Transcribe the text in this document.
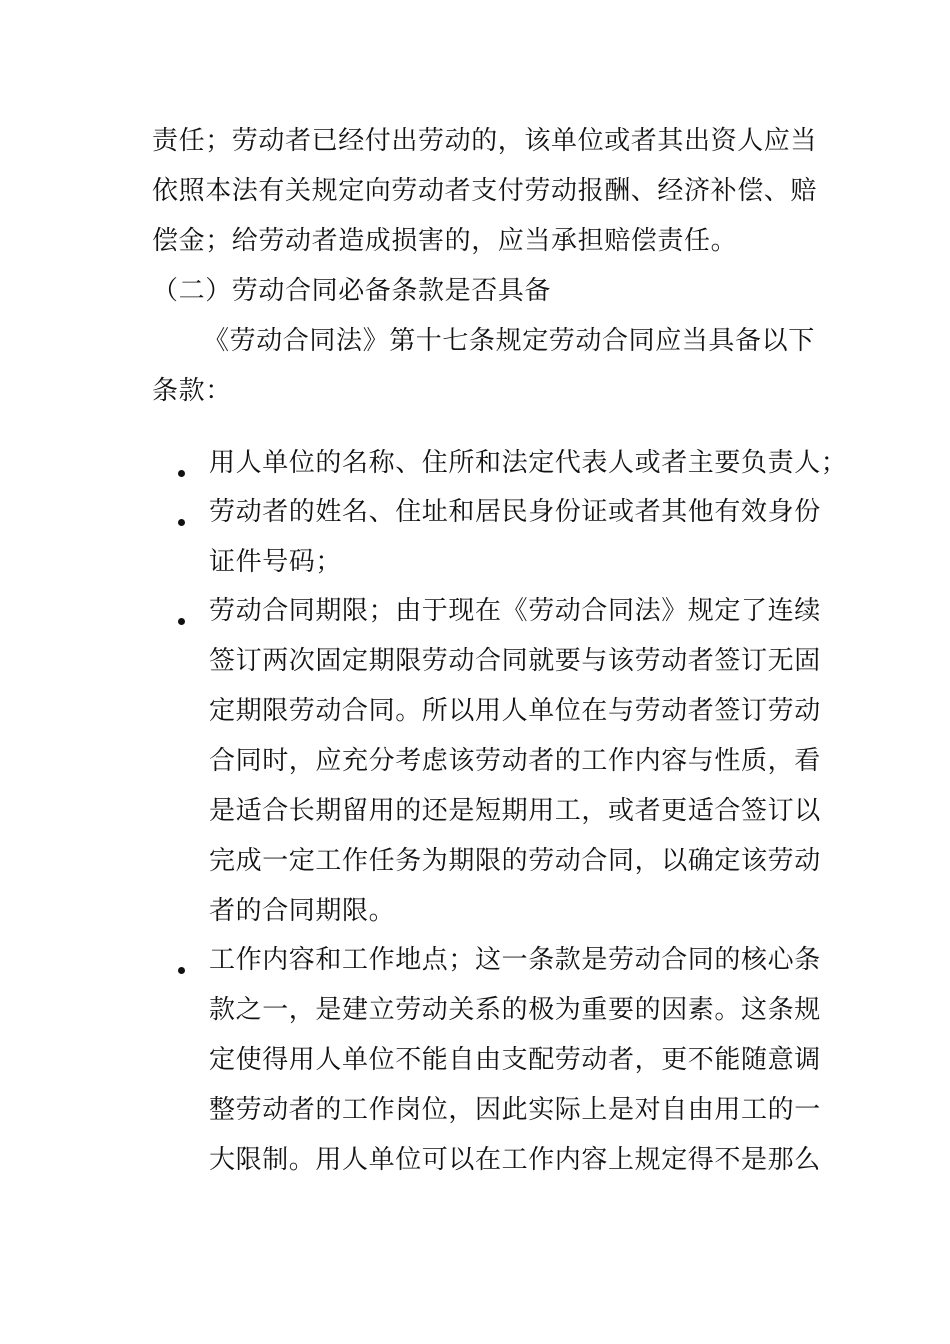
责任；劳动者已经付出劳动的，该单位或者其出资人应当
依照本法有关规定向劳动者支付劳动报酬、经济补偿、赔
偿金；给劳动者造成损害的，应当承担赔偿责任。
（二）劳动合同必备条款是否具备
《劳动合同法》第十七条规定劳动合同应当具备以下
条款：
用人单位的名称、住所和法定代表人或者主要负责人；
劳动者的姓名、住址和居民身份证或者其他有效身份
证件号码；
劳动合同期限；由于现在《劳动合同法》规定了连续
签订两次固定期限劳动合同就要与该劳动者签订无固
定期限劳动合同。所以用人单位在与劳动者签订劳动
合同时，应充分考虑该劳动者的工作内容与性质，看
是适合长期留用的还是短期用工，或者更适合签订以
完成一定工作任务为期限的劳动合同，以确定该劳动
者的合同期限。
工作内容和工作地点；这一条款是劳动合同的核心条
款之一，是建立劳动关系的极为重要的因素。这条规
定使得用人单位不能自由支配劳动者，更不能随意调
整劳动者的工作岗位，因此实际上是对自由用工的一
大限制。用人单位可以在工作内容上规定得不是那么
